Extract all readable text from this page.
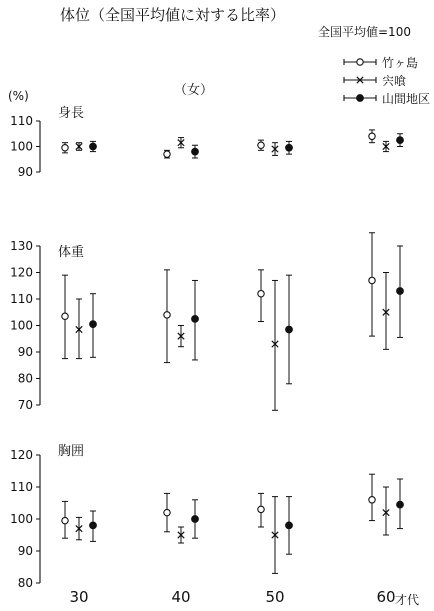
体位（全国平均値に対する比率）
全国平均値=100
（女）
(%)
才代
竹ヶ島
宍喰
山間地区
110
100
90
身長
130
120
110
100
90
80
70
体重
120
110
100
90
80
胸囲
30	40	50	60
